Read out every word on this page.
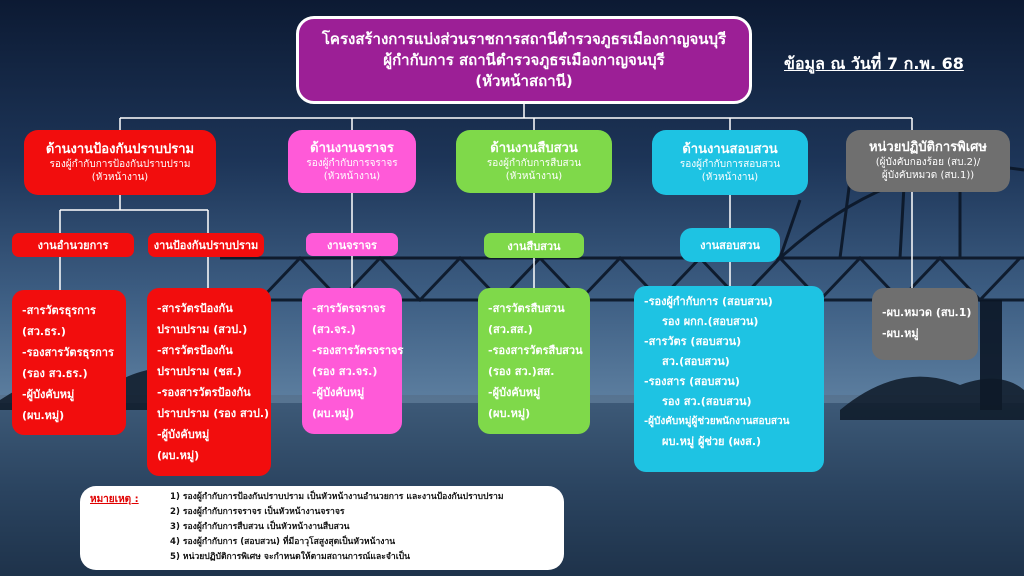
โครงสร้างการแบ่งส่วนราชการสถานีตำรวจภูธรเมืองกาญจนบุรี
ผู้กำกับการ สถานีตำรวจภูธรเมืองกาญจนบุรี
(หัวหน้าสถานี)
ข้อมูล ณ วันที่ 7 ก.พ. 68
ด้านงานป้องกันปราบปราม
รองผู้กำกับการป้องกันปราบปราม
(หัวหน้างาน)
ด้านงานจราจร
รองผู้กำกับการจราจร
(หัวหน้างาน)
ด้านงานสืบสวน
รองผู้กำกับการสืบสวน
(หัวหน้างาน)
ด้านงานสอบสวน
รองผู้กำกับการสอบสวน
(หัวหน้างาน)
หน่วยปฏิบัติการพิเศษ
(ผู้บังคับกองร้อย (สบ.2)/
ผู้บังคับหมวด (สบ.1))
งานอำนวยการ	งานป้องกันปราบปราม	งานจราจร	งานสืบสวน	งานสอบสวน
-สารวัตรธุรการ
(สว.ธร.)
-รองสารวัตรธุรการ
(รอง สว.ธร.)
-ผู้บังคับหมู่
(ผบ.หมู่)
-สารวัตรป้องกัน
ปราบปราม (สวป.)
-สารวัตรป้องกัน
ปราบปราม (ชส.)
-รองสารวัตรป้องกัน
ปราบปราม (รอง สวป.)
-ผู้บังคับหมู่
(ผบ.หมู่)
-สารวัตรจราจร
(สว.จร.)
-รองสารวัตรจราจร
(รอง สว.จร.)
-ผู้บังคับหมู่
(ผบ.หมู่)
-สารวัตรสืบสวน
(สว.สส.)
-รองสารวัตรสืบสวน
(รอง สว.)สส.
-ผู้บังคับหมู่
(ผบ.หมู่)
-รองผู้กำกับการ (สอบสวน)
รอง ผกก.(สอบสวน)
-สารวัตร (สอบสวน)
สว.(สอบสวน)
-รองสาร (สอบสวน)
รอง สว.(สอบสวน)
-ผู้บังคับหมู่ผู้ช่วยพนักงานสอบสวน
ผบ.หมู่ ผู้ช่วย (ผงส.)
-ผบ.หมวด (สบ.1)
-ผบ.หมู่
หมายเหตุ :	1) รองผู้กำกับการป้องกันปราบปราม เป็นหัวหน้างานอำนวยการ และงานป้องกันปราบปราม
2) รองผู้กำกับการจราจร เป็นหัวหน้างานจราจร
3) รองผู้กำกับการสืบสวน เป็นหัวหน้างานสืบสวน
4) รองผู้กำกับการ (สอบสวน) ที่มีอาวุโสสูงสุดเป็นหัวหน้างาน
5) หน่วยปฏิบัติการพิเศษ จะกำหนดให้ตามสถานการณ์และจำเป็น
